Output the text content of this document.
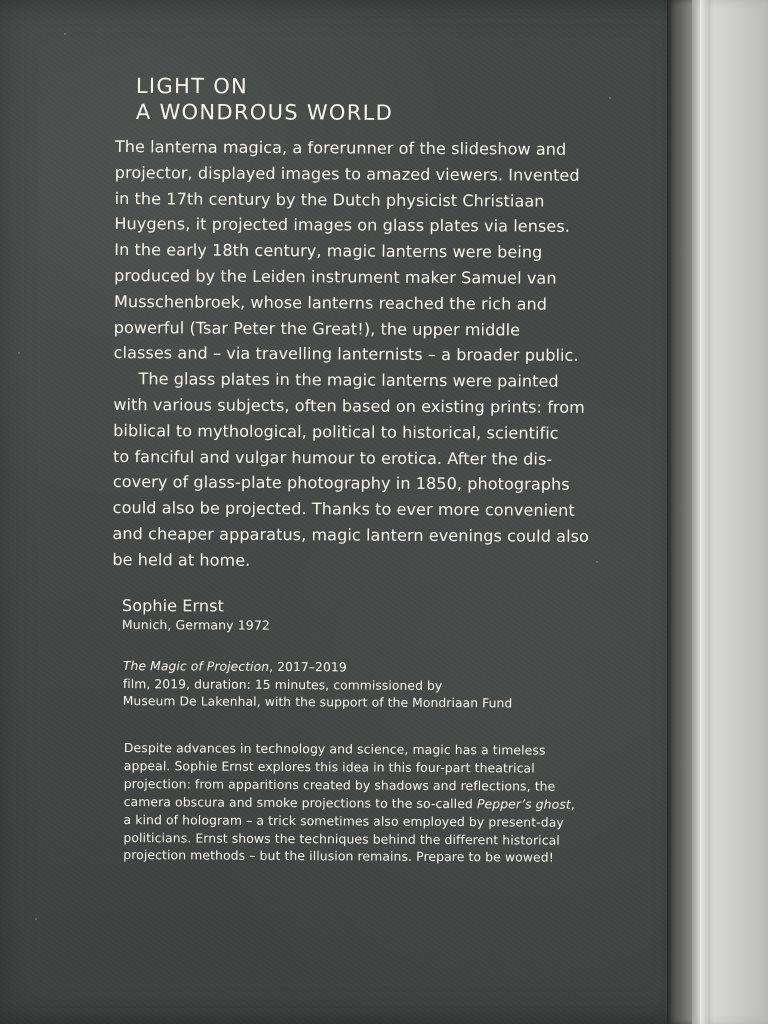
LIGHT ON
A WONDROUS WORLD
The lanterna magica, a forerunner of the slideshow and
projector, displayed images to amazed viewers. Invented
in the 17th century by the Dutch physicist Christiaan
Huygens, it projected images on glass plates via lenses.
In the early 18th century, magic lanterns were being
produced by the Leiden instrument maker Samuel van
Musschenbroek, whose lanterns reached the rich and
powerful (Tsar Peter the Great!), the upper middle
classes and – via travelling lanternists – a broader public.
The glass plates in the magic lanterns were painted
with various subjects, often based on existing prints: from
biblical to mythological, political to historical, scientific
to fanciful and vulgar humour to erotica. After the dis-
covery of glass-plate photography in 1850, photographs
could also be projected. Thanks to ever more convenient
and cheaper apparatus, magic lantern evenings could also
be held at home.
Sophie Ernst
Munich, Germany 1972
The Magic of Projection, 2017–2019
film, 2019, duration: 15 minutes, commissioned by
Museum De Lakenhal, with the support of the Mondriaan Fund
Despite advances in technology and science, magic has a timeless
appeal. Sophie Ernst explores this idea in this four-part theatrical
projection: from apparitions created by shadows and reflections, the
camera obscura and smoke projections to the so-called Pepper’s ghost,
a kind of hologram – a trick sometimes also employed by present-day
politicians. Ernst shows the techniques behind the different historical
projection methods – but the illusion remains. Prepare to be wowed!
